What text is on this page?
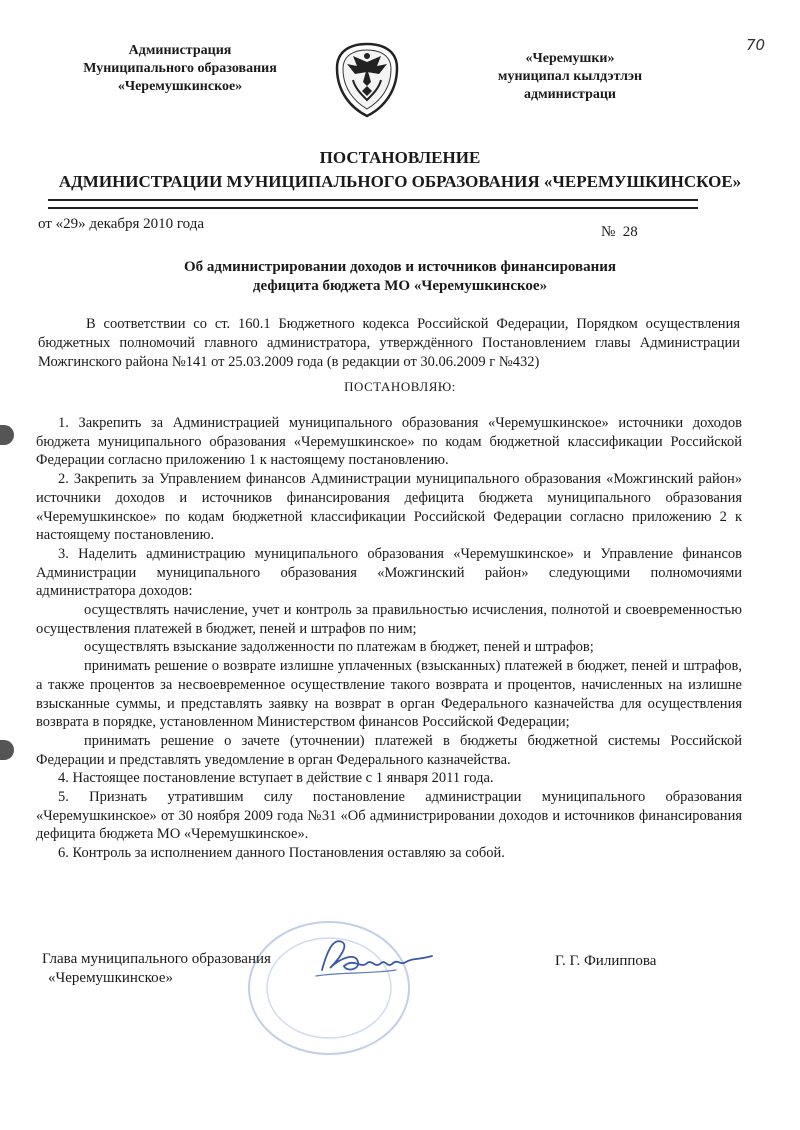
70
Администрация
Муниципального образования
«Черемушкинское»
«Черемушки»
муниципал кылдэтлэн
администраци
ПОСТАНОВЛЕНИЕ
АДМИНИСТРАЦИИ МУНИЦИПАЛЬНОГО ОБРАЗОВАНИЯ «ЧЕРЕМУШКИНСКОЕ»
от «29» декабря 2010 года	№  28
Об администрировании доходов и источников финансирования
дефицита бюджета МО «Черемушкинское»
В соответствии со ст. 160.1 Бюджетного кодекса Российской Федерации, Порядком осуществления бюджетных полномочий главного администратора, утверждённого Постановлением главы Администрации Можгинского района №141 от 25.03.2009 года (в редакции от 30.06.2009 г №432)
ПОСТАНОВЛЯЮ:

1. Закрепить за Администрацией муниципального образования «Черемушкинское» источники доходов бюджета муниципального образования «Черемушкинское» по кодам бюджетной классификации Российской Федерации согласно приложению 1 к настоящему постановлению.

2. Закрепить за Управлением финансов Администрации муниципального образования «Можгинский район» источники доходов и источников финансирования дефицита бюджета муниципального образования «Черемушкинское» по кодам бюджетной классификации Российской Федерации согласно приложению 2 к настоящему постановлению.

3. Наделить администрацию муниципального образования «Черемушкинское» и Управление финансов Администрации муниципального образования «Можгинский район» следующими полномочиями администратора доходов:

осуществлять начисление, учет и контроль за правильностью исчисления, полнотой и своевременностью осуществления платежей в бюджет, пеней и штрафов по ним;

осуществлять взыскание задолженности по платежам в бюджет, пеней и штрафов;

принимать решение о возврате излишне уплаченных (взысканных) платежей в бюджет, пеней и штрафов, а также процентов за несвоевременное осуществление такого возврата и процентов, начисленных на излишне взысканные суммы, и представлять заявку на возврат в орган Федерального казначейства для осуществления возврата в порядке, установленном Министерством финансов Российской Федерации;

принимать решение о зачете (уточнении) платежей в бюджеты бюджетной системы Российской Федерации и представлять уведомление в орган Федерального казначейства.

4. Настоящее постановление вступает в действие с 1 января 2011 года.

5. Признать утратившим силу постановление администрации муниципального образования «Черемушкинское» от 30 ноября 2009 года №31 «Об администрировании доходов и источников финансирования дефицита бюджета МО «Черемушкинское».

6. Контроль за исполнением данного Постановления оставляю за собой.

Глава муниципального образования
«Черемушкинское»
Г. Г. Филиппова
